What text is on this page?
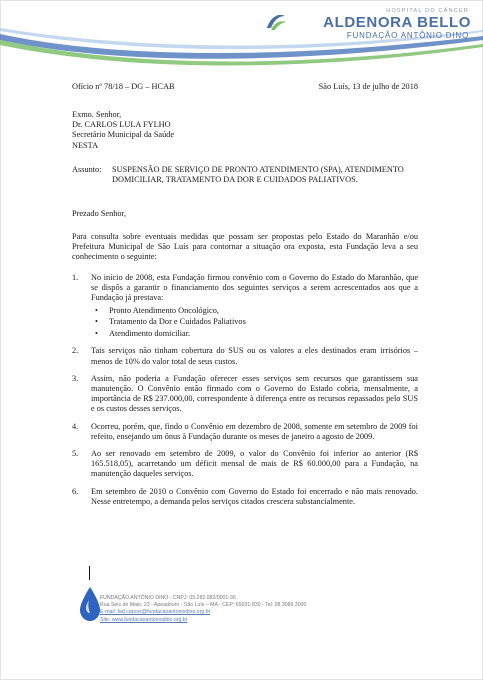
HOSPITAL DO CÂNCER
ALDENORA BELLO
FUNDAÇÃO ANTÔNIO DINO
Ofício nº 78/18 – DG – HCAB	São Luís, 13 de julho de 2018
Exmo. Senhor,
Dr. CARLOS LULA FYLHO
Secretário Municipal da Saúde
NESTA
Assunto: SUSPENSÃO DE SERVIÇO DE PRONTO ATENDIMENTO (SPA), ATENDIMENTO DOMICILIAR, TRATAMENTO DA DOR E CUIDADOS PALIATIVOS.
Prezado Senhor,
Para consulta sobre eventuais medidas que possam ser propostas pelo Estado do Maranhão e/ou Prefeitura Municipal de São Luís para contornar a situação ora exposta, esta Fundação leva a seu conhecimento o seguinte:
1. No início de 2008, esta Fundação firmou convênio com o Governo do Estado do Maranhão, que se dispôs a garantir o financiamento dos seguintes serviços a serem acrescentados aos que a Fundação já prestava:
• Pronto Atendimento Oncológico,
• Tratamento da Dor e Cuidados Paliativos
• Atendimento domiciliar.
2. Tais serviços não tinham cobertura do SUS ou os valores a eles destinados eram irrisórios – menos de 10% do valor total de seus custos.
3. Assim, não poderia a Fundação oferecer esses serviços sem recursos que garantissem sua manutenção. O Convênio então firmado com o Governo do Estado cobria, mensalmente, a importância de R$ 237.000,00, correspondente à diferença entre os recursos repassados pelo SUS e os custos desses serviços.
4. Ocorreu, porém, que, findo o Convênio em dezembro de 2008, somente em setembro de 2009 foi refeito, ensejando um ônus à Fundação durante os meses de janeiro a agosto de 2009.
5. Ao ser renovado em setembro de 2009, o valor do Convênio foi inferior ao anterior (R$ 165.518,05), acarretando um déficit mensal de mais de R$ 60.000,00 para a Fundação, na manutenção daqueles serviços.
6. Em setembro de 2010 o Convênio com Governo do Estado foi encerrado e não mais renovado. Nesse entretempo, a demanda pelos serviços citados crescera substancialmente.
FUNDAÇÃO ANTÔNIO DINO - CNPJ: 05.282.082/0001-36
Rua Seis de Maio, 23 - Apeadouro - São Luís – MA - CEP: 65031-830 - Tel: 98 3089.3000
E-mail: fad.cancer@fundacaoantoniodino.org.br
Site: www.fundacaoantoniodino.org.br
